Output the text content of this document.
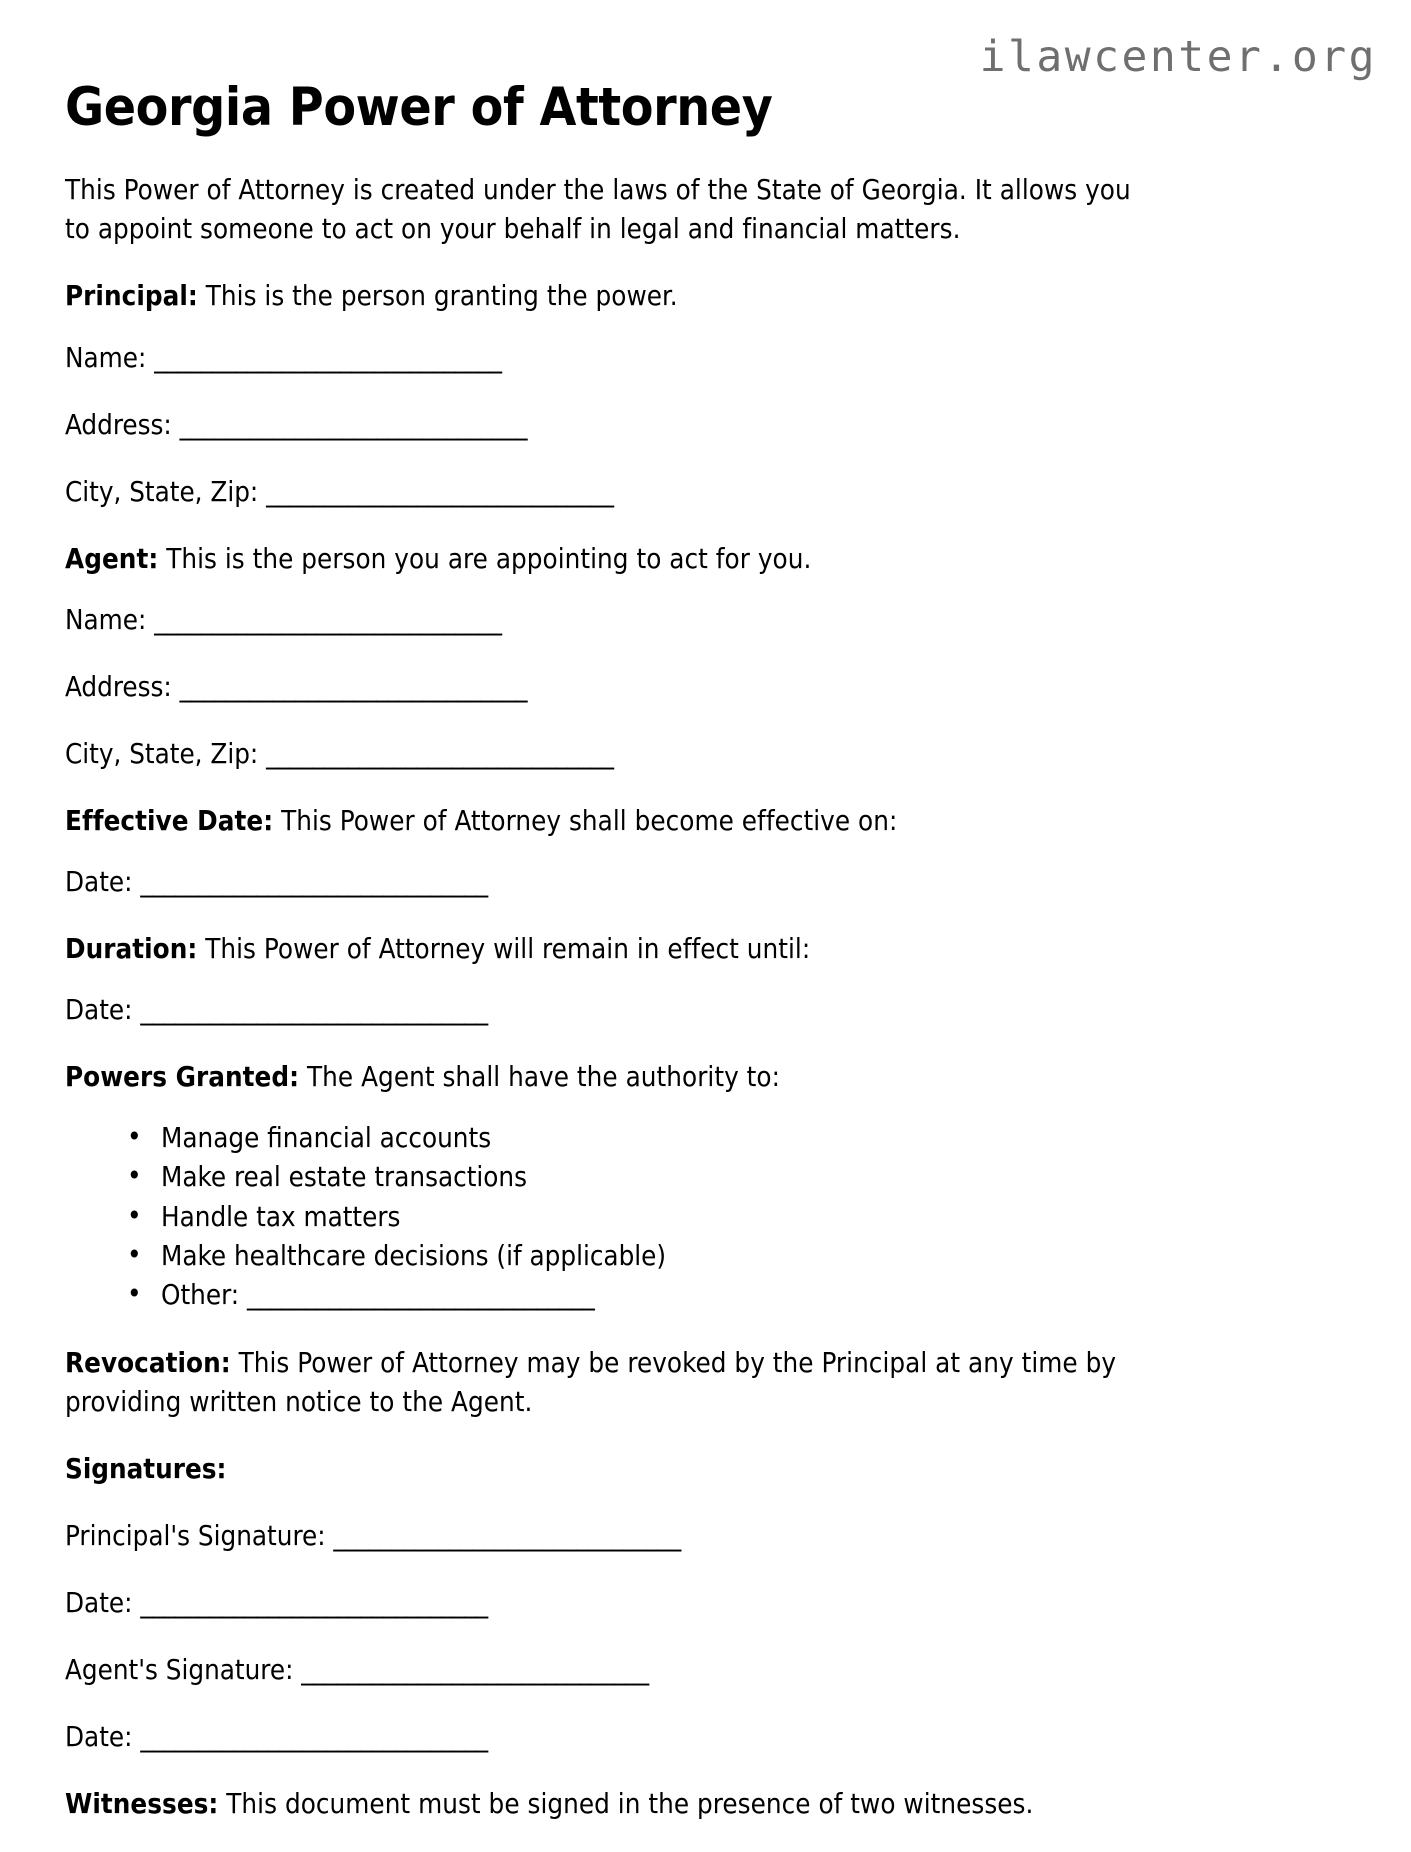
ilawcenter.org
Georgia Power of Attorney

This Power of Attorney is created under the laws of the State of Georgia. It allows you to appoint someone to act on your behalf in legal and financial matters.

Principal: This is the person granting the power.

Name: ______________________________
Address: ______________________________
City, State, Zip: ______________________________

Agent: This is the person you are appointing to act for you.

Name: ______________________________
Address: ______________________________
City, State, Zip: ______________________________

Effective Date: This Power of Attorney shall become effective on:

Date: ______________________________

Duration: This Power of Attorney will remain in effect until:

Date: ______________________________

Powers Granted: The Agent shall have the authority to:

• Manage financial accounts
• Make real estate transactions
• Handle tax matters
• Make healthcare decisions (if applicable)
• Other: ______________________________

Revocation: This Power of Attorney may be revoked by the Principal at any time by providing written notice to the Agent.

Signatures:
Principal's Signature: ______________________________
Date: ______________________________
Agent's Signature: ______________________________
Date: ______________________________

Witnesses: This document must be signed in the presence of two witnesses.
